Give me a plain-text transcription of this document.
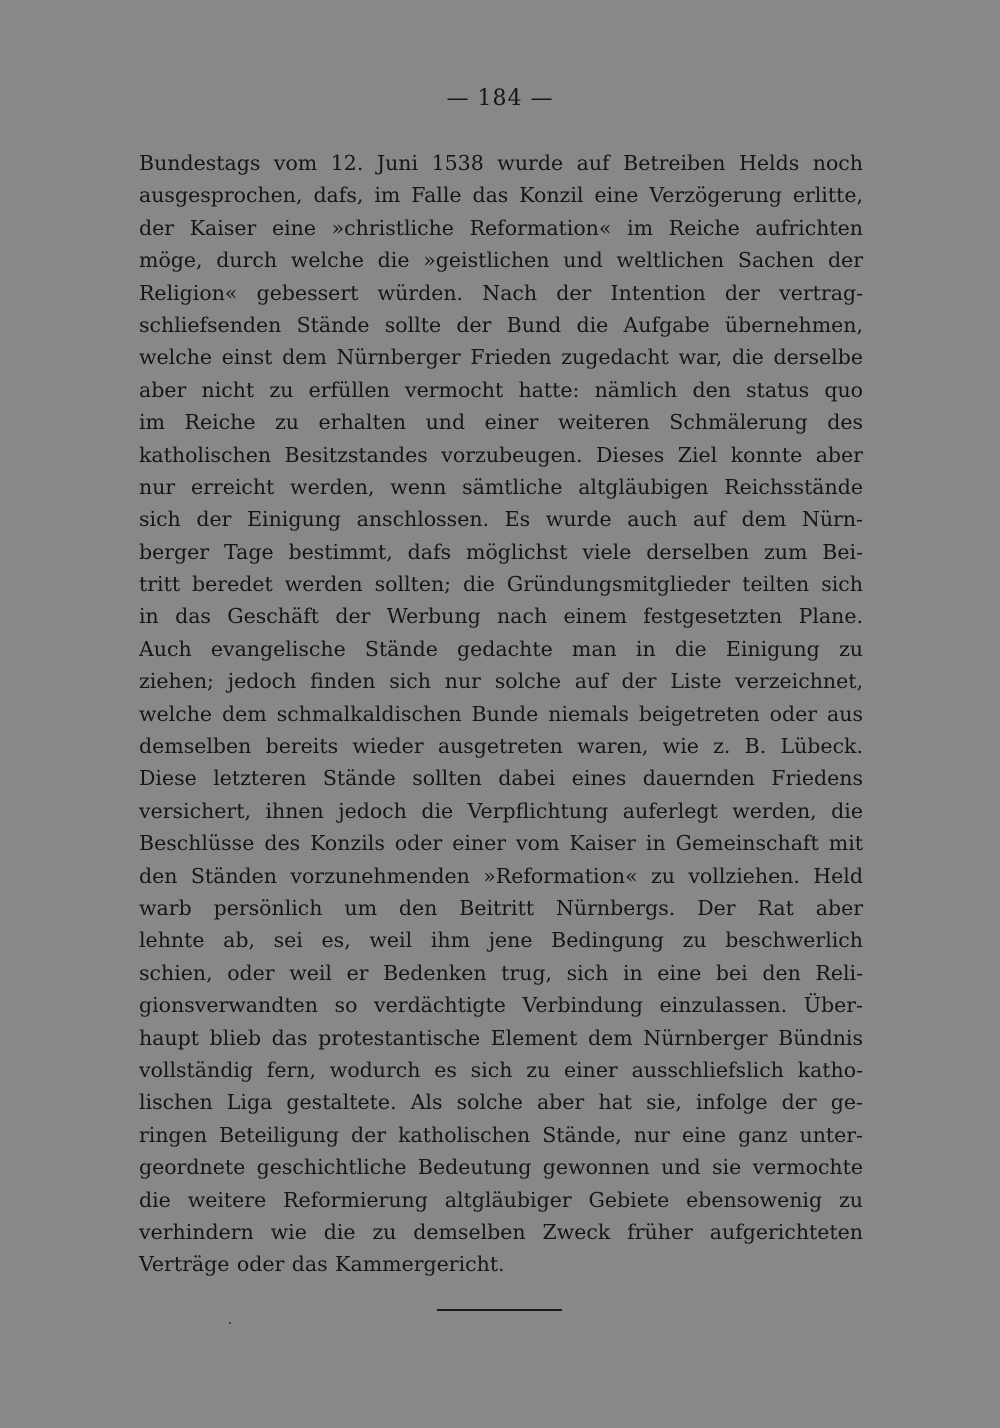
— 184 —
Bundestags vom 12. Juni 1538 wurde auf Betreiben Helds noch
ausgesprochen, dafs, im Falle das Konzil eine Verzögerung erlitte,
der Kaiser eine »christliche Reformation« im Reiche aufrichten
möge, durch welche die »geistlichen und weltlichen Sachen der
Religion« gebessert würden. Nach der Intention der vertrag-
schliefsenden Stände sollte der Bund die Aufgabe übernehmen,
welche einst dem Nürnberger Frieden zugedacht war, die derselbe
aber nicht zu erfüllen vermocht hatte: nämlich den status quo
im Reiche zu erhalten und einer weiteren Schmälerung des
katholischen Besitzstandes vorzubeugen. Dieses Ziel konnte aber
nur erreicht werden, wenn sämtliche altgläubigen Reichsstände
sich der Einigung anschlossen. Es wurde auch auf dem Nürn-
berger Tage bestimmt, dafs möglichst viele derselben zum Bei-
tritt beredet werden sollten; die Gründungsmitglieder teilten sich
in das Geschäft der Werbung nach einem festgesetzten Plane.
Auch evangelische Stände gedachte man in die Einigung zu
ziehen; jedoch finden sich nur solche auf der Liste verzeichnet,
welche dem schmalkaldischen Bunde niemals beigetreten oder aus
demselben bereits wieder ausgetreten waren, wie z. B. Lübeck.
Diese letzteren Stände sollten dabei eines dauernden Friedens
versichert, ihnen jedoch die Verpflichtung auferlegt werden, die
Beschlüsse des Konzils oder einer vom Kaiser in Gemeinschaft mit
den Ständen vorzunehmenden »Reformation« zu vollziehen. Held
warb persönlich um den Beitritt Nürnbergs. Der Rat aber
lehnte ab, sei es, weil ihm jene Bedingung zu beschwerlich
schien, oder weil er Bedenken trug, sich in eine bei den Reli-
gionsverwandten so verdächtigte Verbindung einzulassen. Über-
haupt blieb das protestantische Element dem Nürnberger Bündnis
vollständig fern, wodurch es sich zu einer ausschliefslich katho-
lischen Liga gestaltete. Als solche aber hat sie, infolge der ge-
ringen Beteiligung der katholischen Stände, nur eine ganz unter-
geordnete geschichtliche Bedeutung gewonnen und sie vermochte
die weitere Reformierung altgläubiger Gebiete ebensowenig zu
verhindern wie die zu demselben Zweck früher aufgerichteten
Verträge oder das Kammergericht.
